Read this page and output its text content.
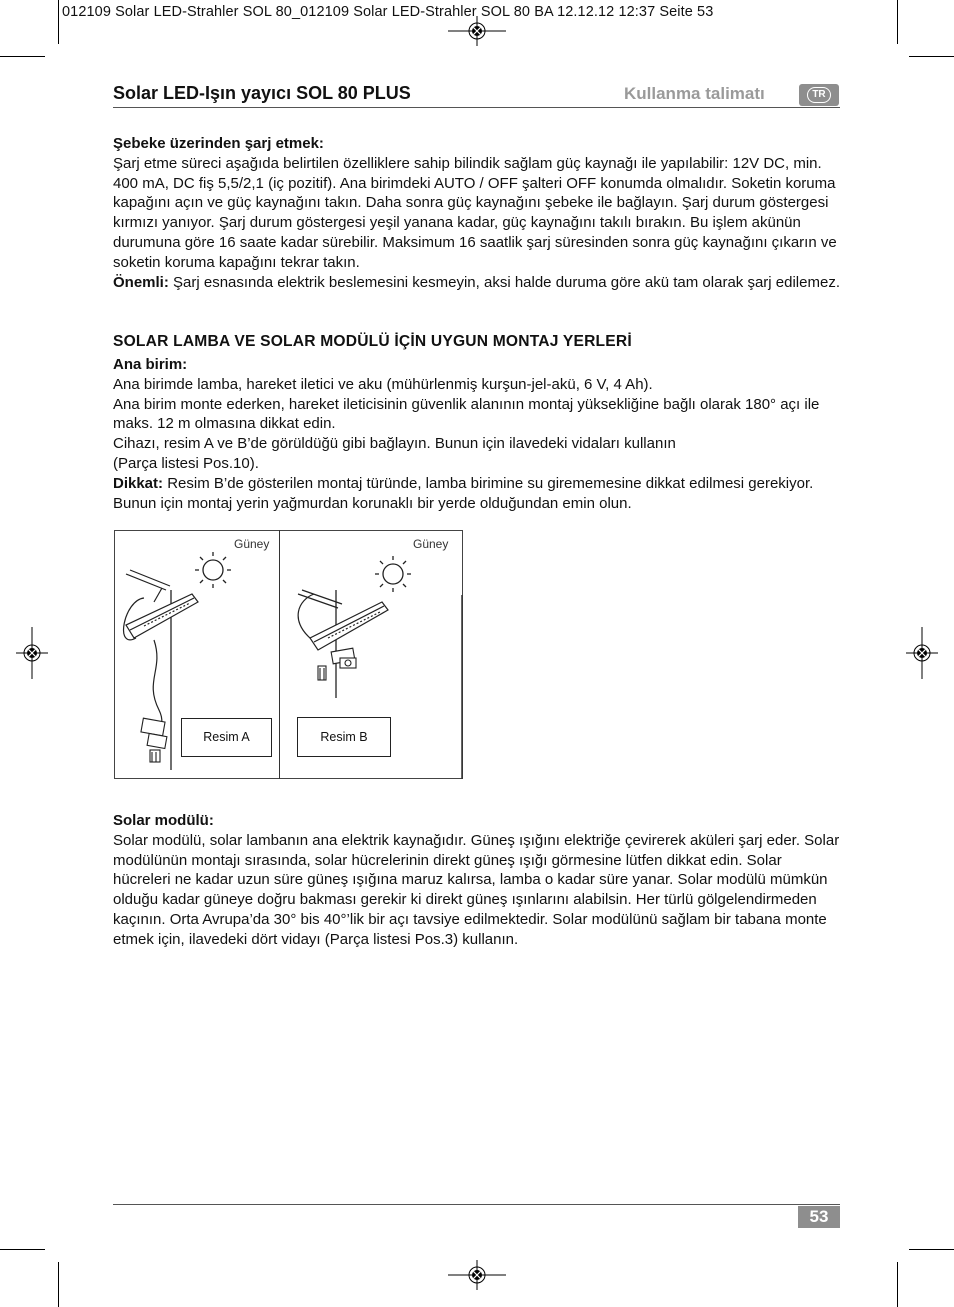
012109 Solar LED-Strahler SOL 80_012109 Solar LED-Strahler SOL 80 BA 12.12.12 12:37 Seite 53
Solar LED-Işın yayıcı SOL 80 PLUS	Kullanma talimatı	TR

Şebeke üzerinden şarj etmek:

Şarj etme süreci aşağıda belirtilen özelliklere sahip bilindik sağlam güç kaynağı ile yapılabilir: 12V DC, min. 400 mA, DC fiş 5,5/2,1 (iç pozitif). Ana birimdeki AUTO / OFF şalteri OFF konumda olmalıdır. Soketin koruma kapağını açın ve güç kaynağını takın. Daha sonra güç kaynağını şebeke ile bağlayın. Şarj durum göstergesi kırmızı yanıyor. Şarj durum göstergesi yeşil yanana kadar, güç kaynağını takılı bırakın. Bu işlem akünün durumuna göre 16 saate kadar sürebilir. Maksimum 16 saatlik şarj süresinden sonra güç kaynağını çıkarın ve soketin koruma kapağını tekrar takın.

Önemli: Şarj esnasında elektrik beslemesini kesmeyin, aksi halde duruma göre akü tam olarak şarj edilemez.

SOLAR LAMBA VE SOLAR MODÜLÜ İÇİN UYGUN MONTAJ YERLERİ

Ana birim:

Ana birimde lamba, hareket iletici ve aku (mühürlenmiş kurşun-jel-akü, 6 V, 4 Ah).

Ana birim monte ederken, hareket ileticisinin güvenlik alanının montaj yüksekliğine bağlı olarak 180° açı ile maks. 12 m olmasına dikkat edin.

Cihazı, resim A ve B’de görüldüğü gibi bağlayın. Bunun için ilavedeki vidaları kullanın

(Parça listesi Pos.10).

Dikkat: Resim B’de gösterilen montaj türünde, lamba birimine su girememesine dikkat edilmesi gerekiyor. Bunun için montaj yerin yağmurdan korunaklı bir yerde olduğundan emin olun.

Güney	Güney
Resim A	Resim B

Solar modülü:

Solar modülü, solar lambanın ana elektrik kaynağıdır. Güneş ışığını elektriğe çevirerek aküleri şarj eder. Solar modülünün montajı sırasında, solar hücrelerinin direkt güneş ışığı görmesine lütfen dikkat edin. Solar hücreleri ne kadar uzun süre güneş ışığına maruz kalırsa, lamba o kadar süre yanar. Solar modülü mümkün olduğu kadar güneye doğru bakması gerekir ki direkt güneş ışınlarını alabilsin. Her türlü gölgelendirmeden kaçının. Orta Avrupa’da 30° bis 40°’lik bir açı tavsiye edilmektedir. Solar modülünü sağlam bir tabana monte etmek için, ilavedeki dört vidayı (Parça listesi Pos.3) kullanın.

53
